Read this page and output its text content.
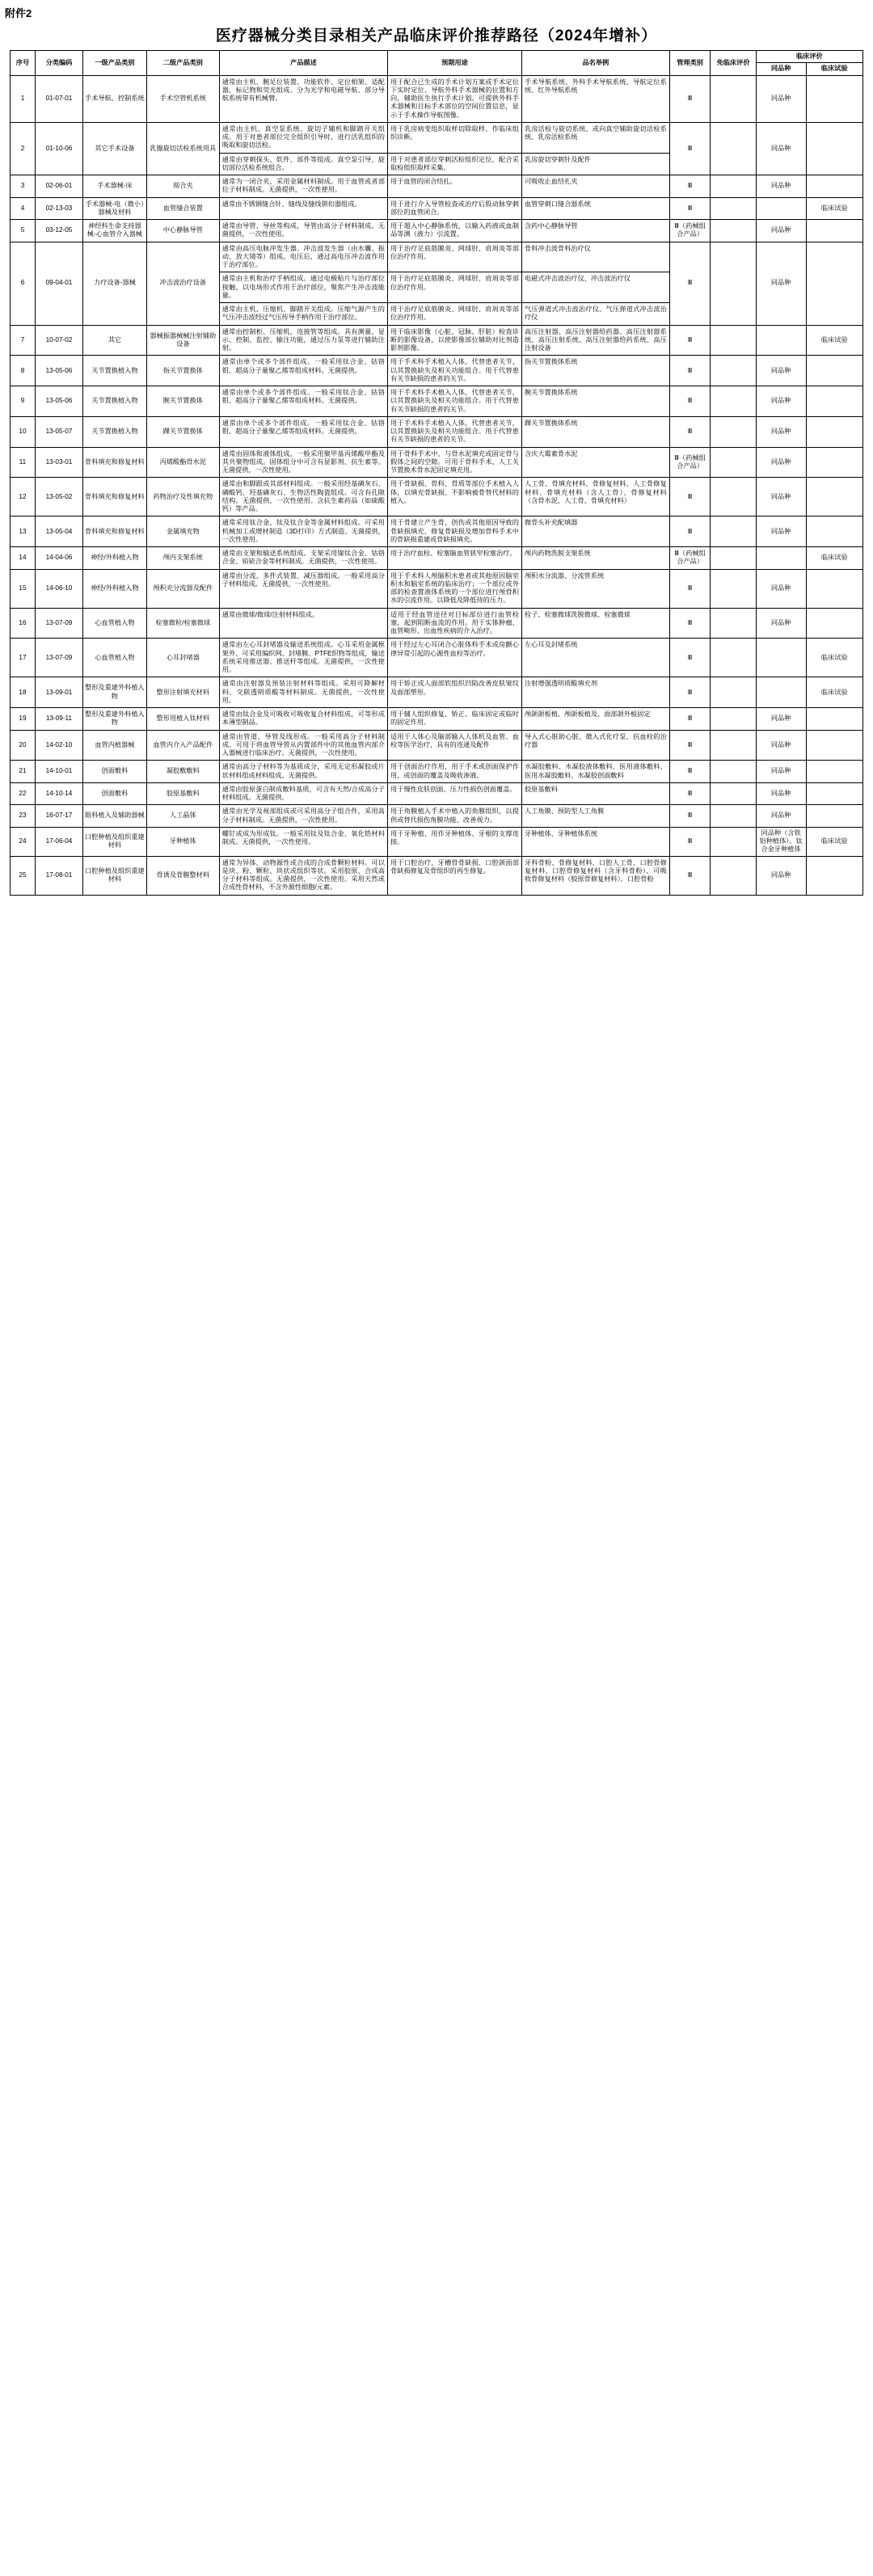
附件2
医疗器械分类目录相关产品临床评价推荐路径（2024年增补）
序号	分类编码	一级产品类别	二级产品类别	产品描述	预期用途	品名举例	管理类别	免临床评价	临床评价	
									同品种	临床试验
1	01-07-01	手术导航、控制系统	手术空管机系统	通常由主机、腕足位装置、功能软件、定位相架、适配器、标记物和荧光组成。分为光学和电磁导航、部分导航系统带有机械臂。	用于配合已生成的手术计划方案或手术定位下实时定位、导航外科手术器械的位置和方向，辅助医生执行手术计划。可提供外科手术器械和目标手术部位的空间位置信息，显示于手术操作导航图像。	手术导航系统、外科手术导航系统、导航定位系统、红外导航系统	Ⅲ		同品种	
2	01-10-06	其它手术设备	乳腺旋切活检系统用具	通常由主机、真空泵系统、旋切子辅机和脚踏开关组成。用于对患者部位完全组织引导时，进行活乳组织的吸取和旋切活检。	用于乳房病变组织取样切除取样、作临床组织诊断。	乳房活检与旋切系统、或向真空辅助旋切活检系统、乳房活检系统	Ⅲ		同品种	
				通常由穿刺探头、软件、部件等组成。真空泵引导、旋切部位活检系统组合。	用于对患者部位穿刺活检组织定位，配合采取检组织取样采集。	乳房旋切穿刺针及配件				
3	02-06-01	手术器械-床	阅合夹	通常为一闭合夹，采用金属材料制成。用于血管或者部位子材料制成。无菌提供，一次性使用。	用于血管的闭合结扎。	可吸收止血结扎夹	Ⅲ		同品种	
4	02-13-03	手术器械-电（微小）器械及材料	血管缝合装置	通常由不锈钢缝合针、缝线及缝线锁扣器组成。	用于进行介入导管检查或治疗后股动脉穿刺部位的血管闭合。	血管穿刺口缝合器系统	Ⅲ			临床试验
5	03-12-05	神经科生命支持器械-心血管介入器械	中心静脉导管	通常由导管、导丝等构成，导管由高分子材料制成。无菌提供，一次性使用。	用于超入中心静脉系统，以输入药液或血制品等测（液力）引流置。	含药中心静脉导管	Ⅲ（药械组合产品）		同品种	
6	09-04-01	力疗设备-器械	冲击波治疗设备	通常由高压电脉冲发生器、冲击波发生器（由水囊、振动、放大镜等）组成。电压后，通过高电压冲击波作用于治疗部位。	用于治疗足底筋膜炎、网球肘、肩周炎等部位治疗作用。	骨科冲击波骨科治疗仪	Ⅲ		同品种	
				通常由主机和治疗手柄组成。通过电极贴片与治疗部位接触，以电场形式作用于治疗部位，聚焦产生冲击波能量。	用于治疗足底筋膜炎、网球肘、肩周炎等部位治疗作用。	电磁式冲击波治疗仪、冲击波治疗仪				
				通常由主机、压缩机、脚踏开关组成。压缩气源产生的气压冲击波经过气压传导手柄作用于治疗部位。	用于治疗足底筋膜炎、网球肘、肩周炎等部位治疗作用。	气压弹道式冲击波治疗仪、气压弹道式冲击波治疗仪				
7	10-07-02	其它	器械振器械械注射辅助设备	通常由控制柜、压缩机、连接管等组成。具有测量、显示、控制、监控、输注功能，通过压力泵等进行辅助注射。	用于临床影像（心脏、冠脉、肝脏）检查诊断的影像设备，以使影像部位辅助对比剂造影剂影像。	高压注射器、高压注射器给药器、高压注射器系统、高压注射系统、高压注射器给药系统、高压注射设备	Ⅲ			临床试验
8	13-05-06	关节置换植入物	指关节置换体	通常由单个或多个部件组成。一般采用钛合金、钴铬钼、超高分子量聚乙烯等组成材料。无菌提供。	用于手术科手术植入人体，代替患者关节，以其置换缺失及相关功能组合。用于代替患有关节缺损的患者的关节。	指关节置换体系统	Ⅲ		同品种	
9	13-05-06	关节置换植入物	腕关节置换体	通常由单个或多个部件组成。一般采用钛合金、钴铬钼、超高分子量聚乙烯等组成材料。无菌提供。	用于手术科手术植入人体，代替患者关节，以其置换缺失及相关功能组合。用于代替患有关节缺损的患者的关节。	腕关节置换体系统	Ⅲ		同品种	
10	13-05-07	关节置换植入物	踝关节置换体	通常由单个或多个部件组成。一般采用钛合金、钴铬钼、超高分子量聚乙烯等组成材料。无菌提供。	用于手术科手术植入人体，代替患者关节，以其置换缺失及相关功能组合。用于代替患有关节缺损的患者的关节。	踝关节置换体系统	Ⅲ		同品种	
11	13-03-01	骨科填充和修复材料	丙烯酸酯骨水泥	通常由固体和液体组成，一般采用聚甲基丙烯酸甲酯及其共聚物组成。固体组分中可含有显影剂、抗生素等。无菌提供，一次性使用。	用于骨科手术中，与骨水泥填充或固定骨与假体之间的空隙。可用于骨科手术、人工关节置换术骨水泥固定填充用。	含庆大霉素骨水泥	Ⅲ（药械组合产品）		同品种	
12	13-05-02	骨科填充和修复材料	药物治疗及性填充物	通常由和脚跟或其部材料组成。一般采用经基磷灰石、磷酸钙、羟基磷灰石、生物活性陶瓷组成。可含有孔隙结构。无菌提供，一次性使用。含抗生素药品（如硫酸钙）等产品。	用于骨缺损、骨科、骨质等部位手术植入人体，以填充骨缺损、不影响被骨替代材料的植入。	人工骨、骨填充材料、骨修复材料、人工骨修复材料、骨填充材料（含人工骨）、骨修复材料（含骨水泥、人工骨、骨填充材料）	Ⅲ		同品种	
13	13-05-04	骨科填充和修复材料	金属填充物	通常采用钛合金、钛及钛合金等金属材料组成。可采用机械加工或增材制造（3D打印）方式制造。无菌提供，一次性使用。	用于骨建立产生骨，创伤或其他原因导致的骨缺损填充、修复骨缺损及增加骨科手术中的骨缺损重建或骨缺损填充。	微骨头补充配填器	Ⅲ		同品种	
14	14-04-06	神经/外科植入物	颅内支架系统	通常由支架和输送系统组成。支架采用镍钛合金、钴铬合金、铂铱合金等材料制成。无菌提供，一次性使用。	用于治疗血栓、栓塞脑血管狭窄栓塞治疗。	颅内药物洗脱支架系统	Ⅲ（药械组合产品）			临床试验
15	14-06-10	神经/外科植入物	颅积充分流器及配件	通常由分流、多件式装置、减压器组成。一般采用高分子材料组成。无菌提供，一次性使用。	用于手术科人颅脑积水患者或其他原因脑室积水和脑室系统的临床治疗；一个部位或外部的检查置液体系统的一个部位进行颅骨积水的引流作用。以降低及降低待的压力。	颅积水分流器、分流管系统	Ⅲ		同品种	
16	13-07-09	心血管植入物	栓塞微粒/栓塞微球	通常由微球/微球/注射材料组成。	适用于经血管途径对目标部位进行血管栓塞，起到阻断血流的作用。用于实体肿瘤、血管畸形、出血性疾病的介入治疗。	栓子、栓塞微球洗脱微球、栓塞微球	Ⅲ		同品种	
17	13-07-09	心血管植入物	心耳封堵器	通常由左心耳封堵器及输送系统组成。心耳采用金属框架外、可采用编织网、封堵膜、PTFE织物等组成，输送系统采用推送器、推送杆等组成。无菌提供，一次性使用。	用于经过左心耳闭合心脏体科手术或房颤心律异常引起的心源性血栓等治疗。	左心耳及封堵系统	Ⅲ			临床试验
18	13-09-01	整形及重建外科植入物	整形注射填充材料	通常由注射器及预装注射材料等组成。采用可降解材料、交联透明质酸等材料制成。无菌提供，一次性使用。	用于矫正成人面部软组织凹陷改善皮肤皱纹及面部塑形。	注射增强透明质酸填充剂	Ⅲ			临床试验
19	13-09-11	整形及重建外科植入物	整形用植入钛材料	通常由钛合金及可吸收可吸收复合材料组成，可等形成本薄型制品。	用于辅人组织修复、矫正、临床固定或临时的固定作用。	颅颌颌板植、颅颌板植及、面部颌外板固定	Ⅲ		同品种	
20	14-02-10	血管内植器械	血管内介入产品配件	通常由管道、导管及线形成。一般采用高分子材料制成。可用于将血管导管从内置部件中的其他血管内部介入器械进行临床治疗。无菌提供，一次性使用。	适用于人体心及脑部输入人体机及血管、血栓等医学治疗，具有的连通及配件	导入式心脏助心脏、微入式化疗泵、抗血栓的治疗器	Ⅲ		同品种	
21	14-10-01	创面敷料	凝胶敷敷料	通常由高分子材料等为基质成分，采用无定形凝胶或片状材料组成材料组成。无菌提供。	用于创面治疗作用，用于手术或创面保护作用，或创面的覆盖及吸收渗液。	水凝胶敷料、水凝胶液体敷料、医用液体敷料、医用水凝胶敷料、水凝胶创面敷料	Ⅲ		同品种	
22	14-10-14	创面敷料	胶原基敷料	通常由胶原蛋白制成敷料基质，可含有天然/合成高分子材料组成。无菌提供。	用于慢性皮肤创面、压力性损伤创面覆盖。	胶原基敷料	Ⅲ		同品种	
23	16-07-17	眼科植入及辅助器械	人工晶体	通常由光学及视部组成或可采用高分子组合件，采用高分子材料制成。无菌提供，一次性使用。	用于角膜植入手术中植入的角膜组织，以提供或替代损伤角膜功能、改善视力。	人工角膜、预防型人工角膜	Ⅲ		同品种	
24	17-06-04	口腔种植及组织重建材料	牙种植体	螺钉或成为形成钛。一般采用钛及钛合金、氧化锆材料制成。无菌提供，一次性使用。	用于牙种植、用作牙种植体、牙根的支撑连接。	牙种植体、牙种植体系统	Ⅲ		同品种（含铁铅种植体）、钛合金牙种植体	临床试验
25	17-08-01	口腔种植及组织重建材料	骨诱及骨膜整材料	通常为异体、动物源性或合成的合成骨颗粒材料。可以是块、粉、颗粒、块状或组织等状。采用胶原、合成高分子材料等组成。无菌提供，一次性使用。采用天然或合成性骨材料，不含外源性细胞/元素。	用于口腔治疗、牙槽骨骨缺损、口腔颌面部骨缺损修复及骨组织的再生修复。	牙科骨粉、骨修复材料、口腔人工骨、口腔骨修复材料、口腔骨修复材料（含牙科骨粉）、可吸收骨修复材料（胶原骨修复材料）、口腔骨粉	Ⅲ		同品种	
